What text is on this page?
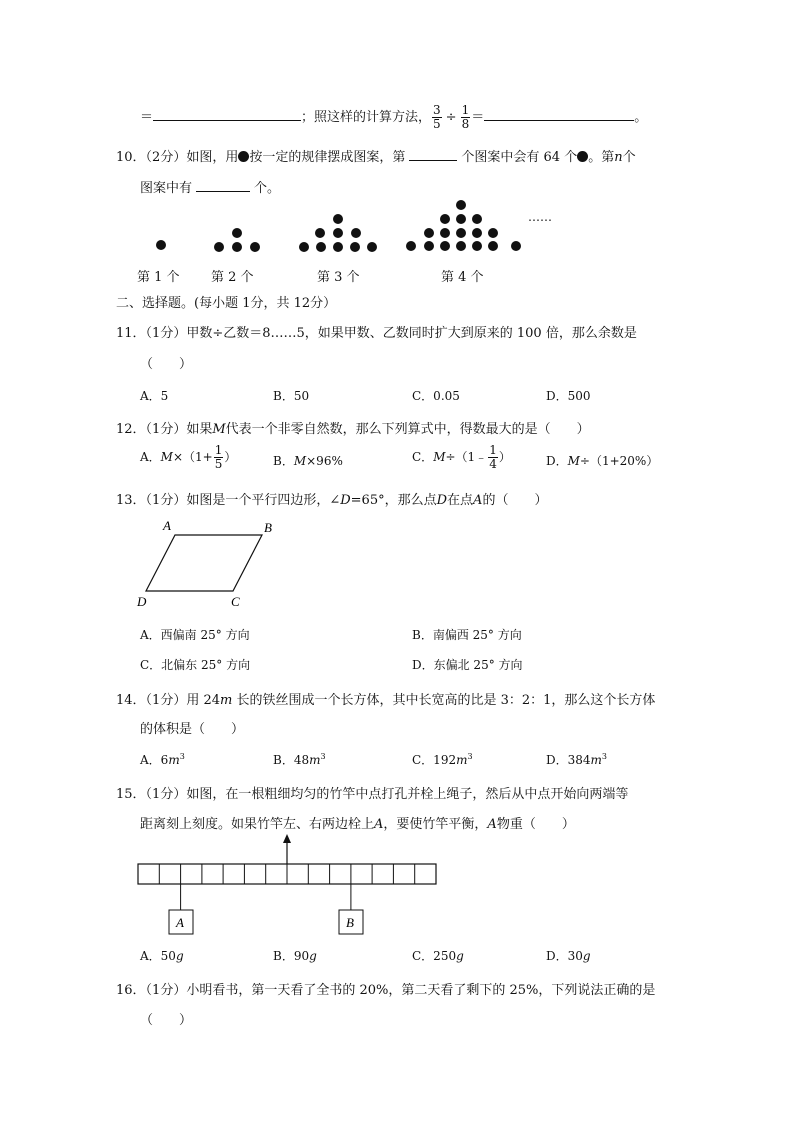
＝	；照这样的计算方法， $\frac{3}{5} \div \frac{1}{8}$ ＝	。
10．（2分）如图，用 按一定的规律摆成图案，第	个图案中会有 64 个 。第n个
图案中有	个。
……
第 1 个 第 2 个	第 3 个	第 4 个
二、选择题。(每小题 1分，共 12分）
11．（1分）甲数÷乙数＝8……5，如果甲数、乙数同时扩大到原来的 100 倍，那么余数是
（　　）
A．5	B．50	C．0.05	D．500
12．（1分）如果M代表一个非零自然数，那么下列算式中，得数最大的是（　　）
A．$M\times(1+ \frac{1}{5}$ ）	B．M×96%	C．M÷（1﹣ $\frac{1}{4}$ ）	D．M÷（1+20%）
13．（1分）如图是一个平行四边形，∠D=65°，那么点D在点A的（　　）
A	B
C
D
A．西偏南 25° 方向	B．南偏西 25° 方向
C．北偏东 25° 方向	D．东偏北 25° 方向
14．（1分）用 24m 长的铁丝围成一个长方体，其中长宽高的比是 3：2：1，那么这个长方体
的体积是（　　）
A．$6m^3$	B．$48m^3$	C．$192m^3$	D．$384m^3$
15．（1分）如图，在一根粗细均匀的竹竿中点打孔并栓上绳子，然后从中点开始向两端等
距离刻上刻度。如果竹竿左、右两边栓上A，要使竹竿平衡，A物重（　　）
A	B
A．50g	B．90g	C．250g	D．30g
16．（1分）小明看书，第一天看了全书的 20%，第二天看了剩下的 25%，下列说法正确的是
（　　）
